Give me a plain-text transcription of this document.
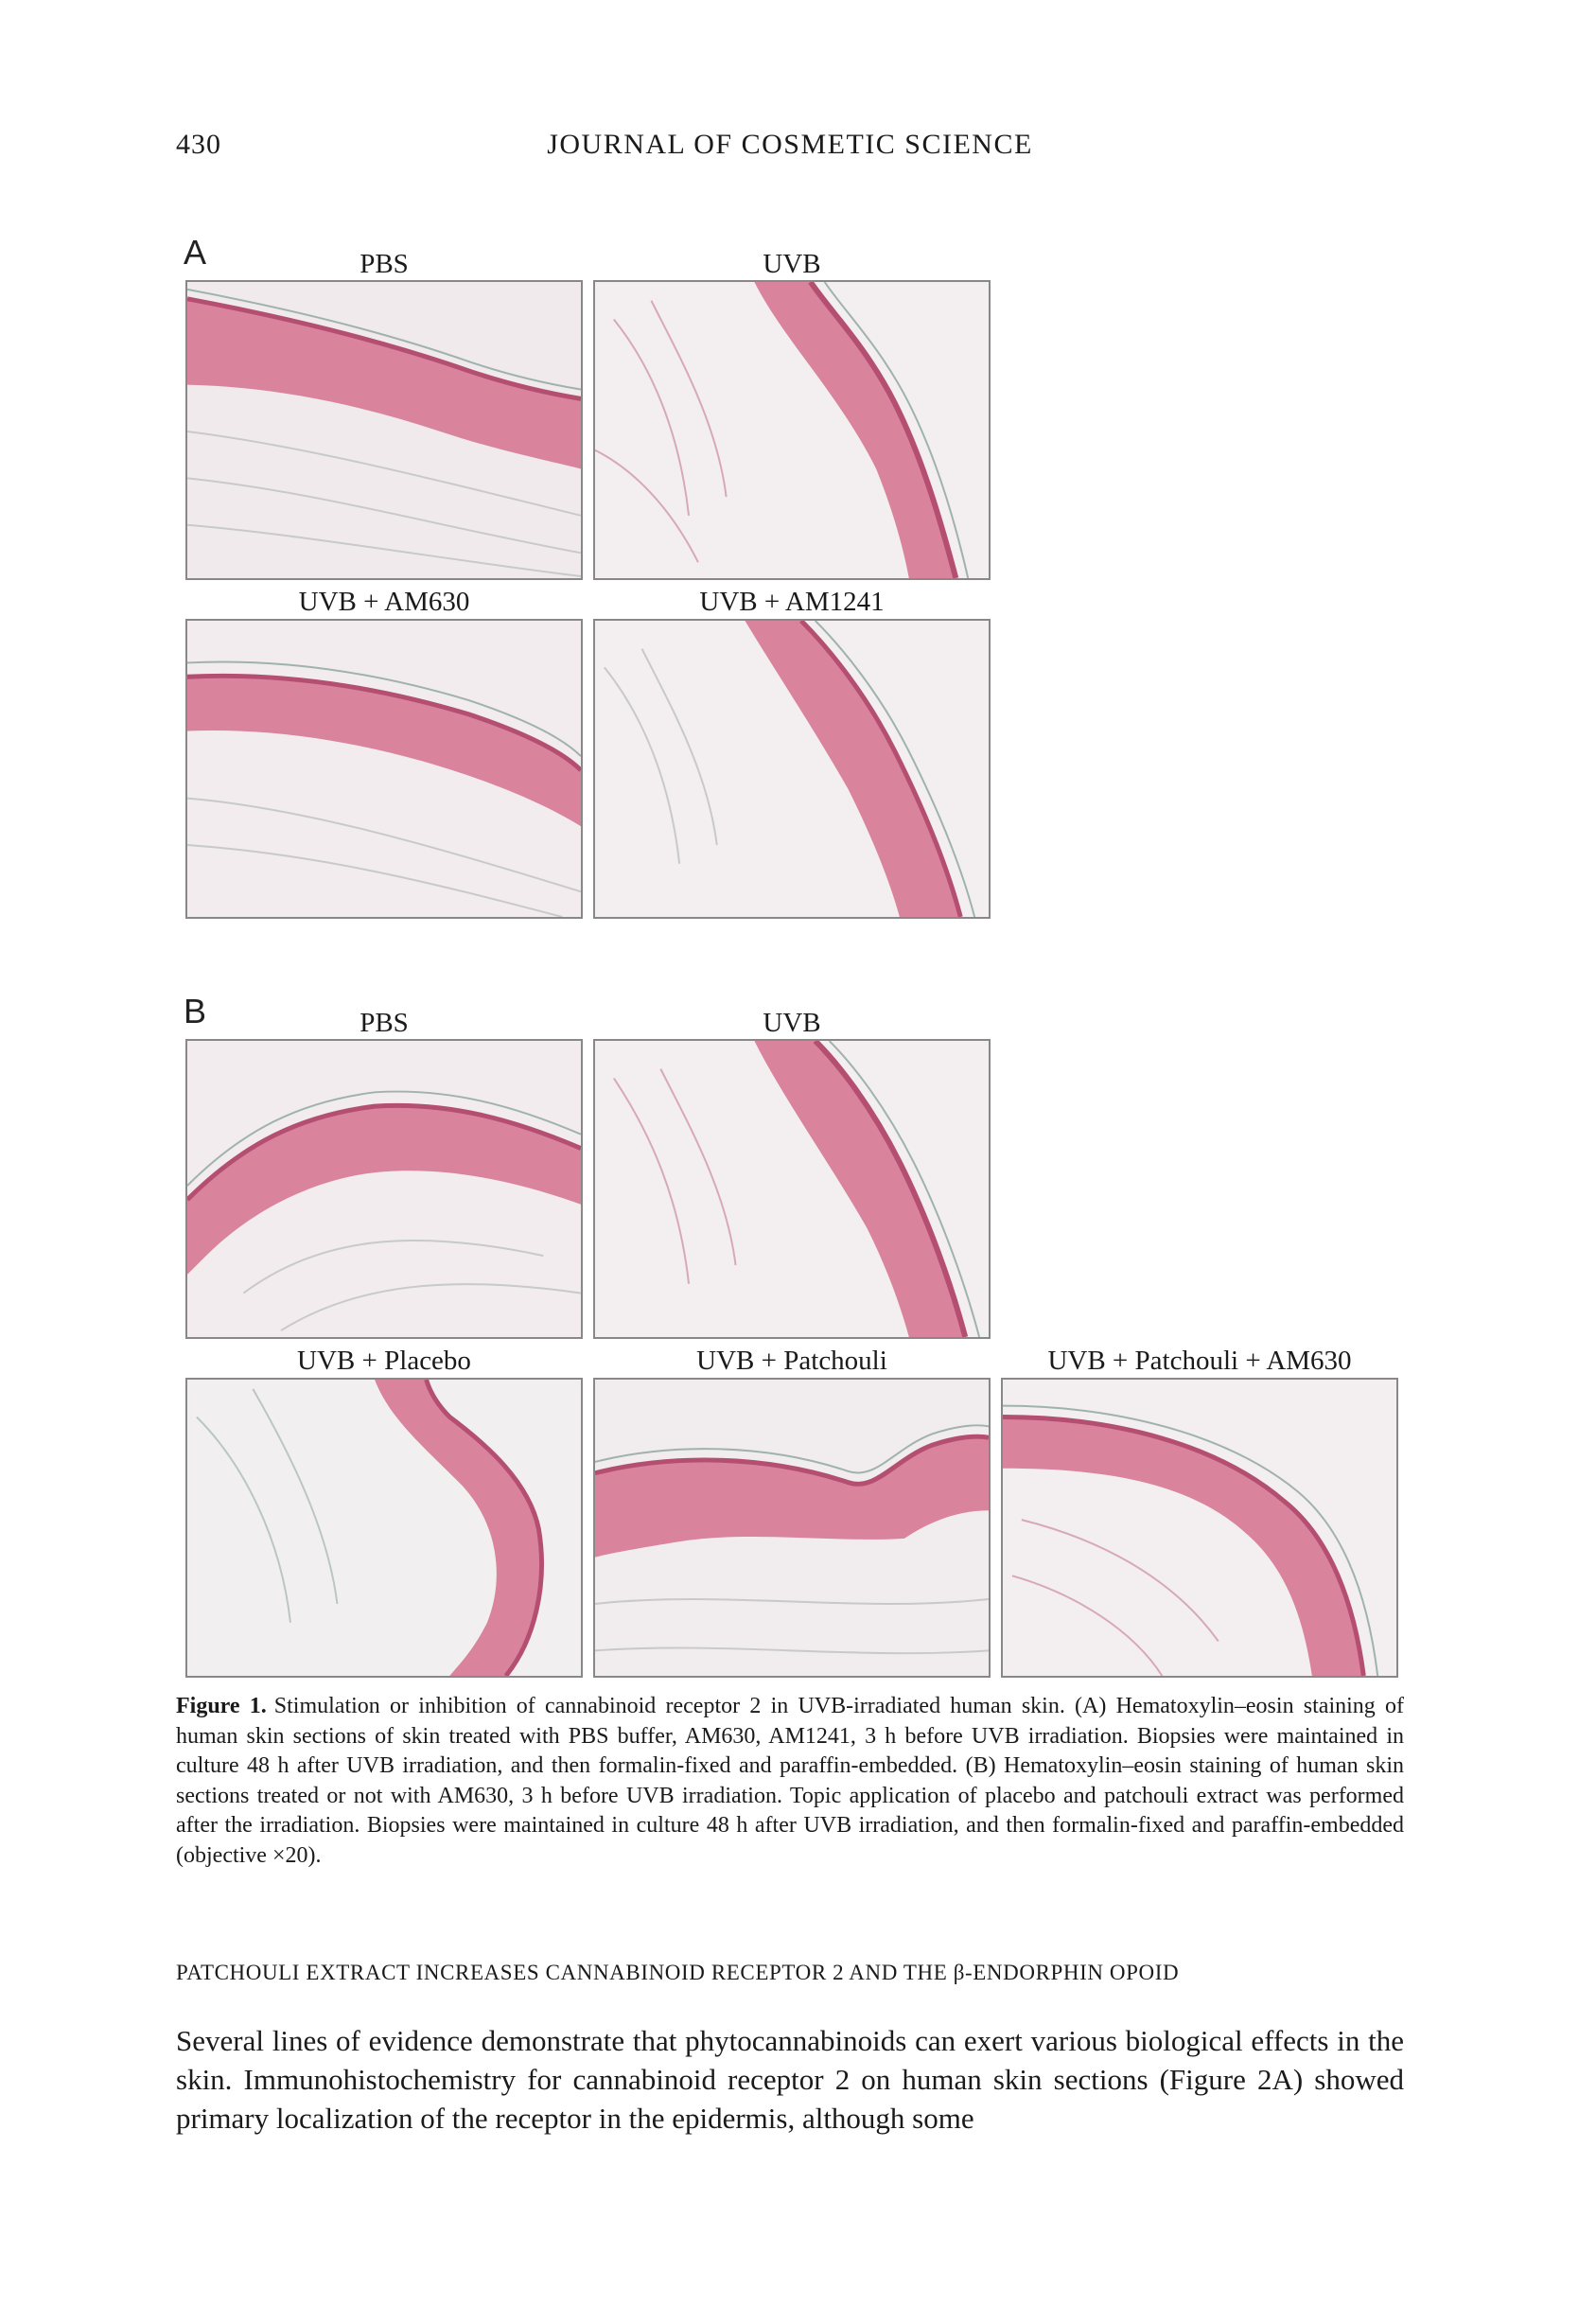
430	JOURNAL OF COSMETIC SCIENCE
A	PBS	UVB
UVB + AM630	UVB + AM1241
B	PBS	UVB
UVB + Placebo	UVB + Patchouli	UVB + Patchouli + AM630
Figure 1. Stimulation or inhibition of cannabinoid receptor 2 in UVB-irradiated human skin. (A) Hematoxylin–eosin staining of human skin sections of skin treated with PBS buffer, AM630, AM1241, 3 h before UVB irradiation. Biopsies were maintained in culture 48 h after UVB irradiation, and then formalin-fixed and paraffin-embedded. (B) Hematoxylin–eosin staining of human skin sections treated or not with AM630, 3 h before UVB irradiation. Topic application of placebo and patchouli extract was performed after the irradiation. Biopsies were maintained in culture 48 h after UVB irradiation, and then formalin-fixed and paraffin-embedded (objective ×20).
PATCHOULI EXTRACT INCREASES CANNABINOID RECEPTOR 2 AND THE β-ENDORPHIN OPOID
Several lines of evidence demonstrate that phytocannabinoids can exert various biological effects in the skin. Immunohistochemistry for cannabinoid receptor 2 on human skin sections (Figure 2A) showed primary localization of the receptor in the epidermis, although some
